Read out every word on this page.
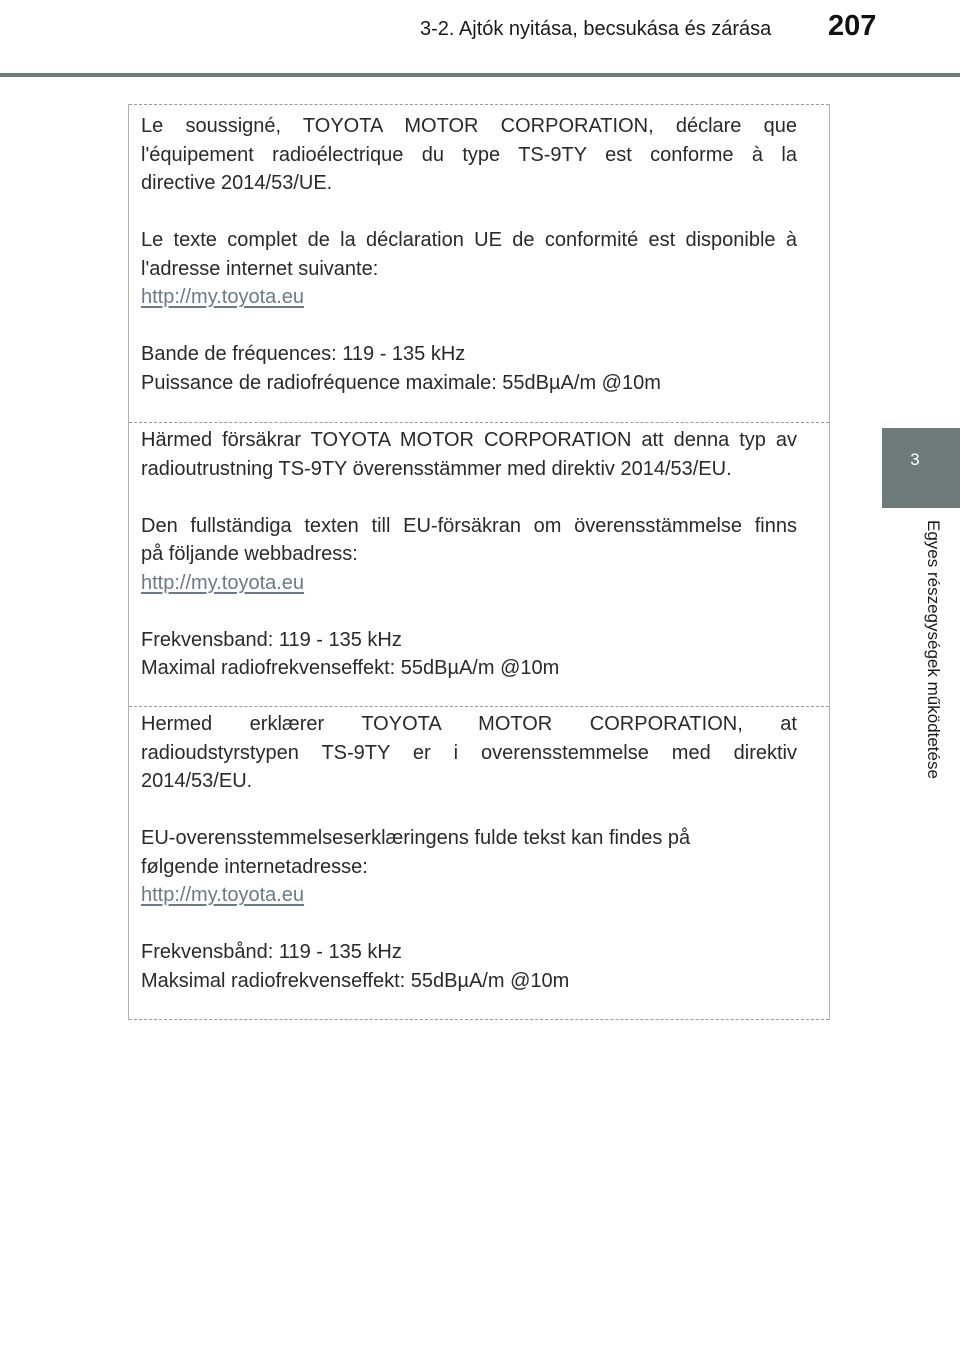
3-2. Ajtók nyitása, becsukása és zárása 207
3
Egyes részegységek működtetése

Le soussigné, TOYOTA MOTOR CORPORATION, déclare que
l'équipement radioélectrique du type TS-9TY est conforme à la
directive 2014/53/UE.

Le texte complet de la déclaration UE de conformité est disponible à
l'adresse internet suivante:
http://my.toyota.eu

Bande de fréquences: 119 - 135 kHz
Puissance de radiofréquence maximale: 55dBµA/m @10m

Härmed försäkrar TOYOTA MOTOR CORPORATION att denna typ av
radioutrustning TS-9TY överensstämmer med direktiv 2014/53/EU.

Den fullständiga texten till EU-försäkran om överensstämmelse finns
på följande webbadress:
http://my.toyota.eu

Frekvensband: 119 - 135 kHz
Maximal radiofrekvenseffekt: 55dBµA/m @10m

Hermed erklærer TOYOTA MOTOR CORPORATION, at
radioudstyrstypen TS-9TY er i overensstemmelse med direktiv
2014/53/EU.

EU-overensstemmelseserklæringens fulde tekst kan findes på
følgende internetadresse:
http://my.toyota.eu

Frekvensbånd: 119 - 135 kHz
Maksimal radiofrekvenseffekt: 55dBµA/m @10m
